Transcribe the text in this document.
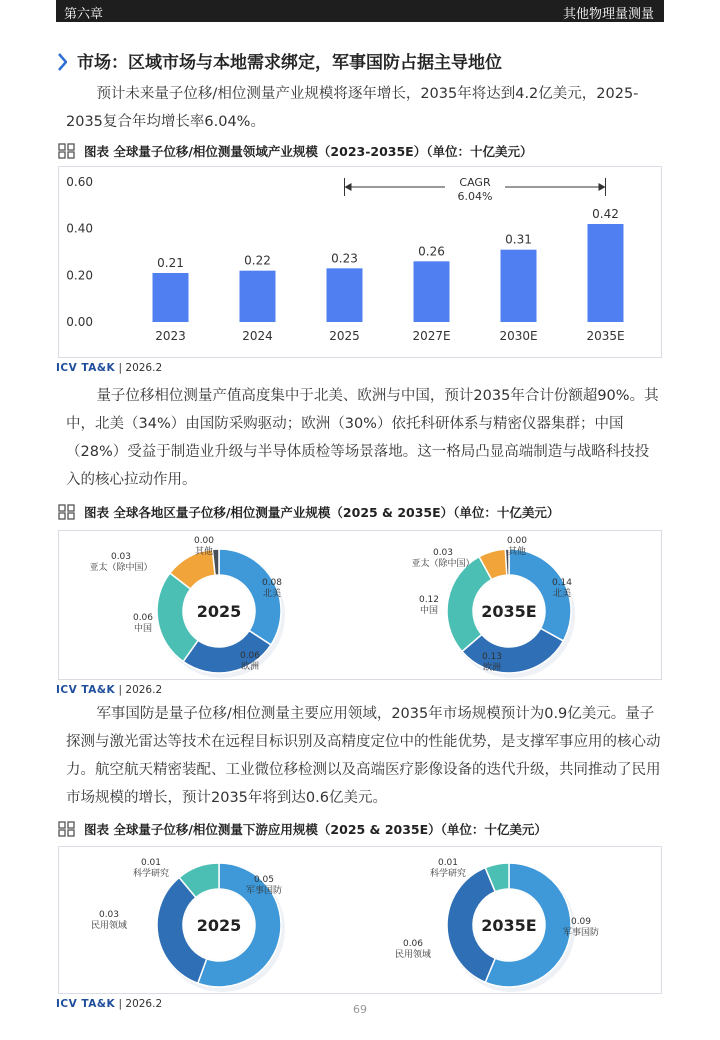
第六章	其他物理量测量
市场：区域市场与本地需求绑定，军事国防占据主导地位
预计未来量子位移/相位测量产业规模将逐年增长，2035年将达到4.2亿美元，2025-2035复合年均增长率6.04%。
图表 全球量子位移/相位测量领域产业规模（2023-2035E）（单位：十亿美元）
0.00
0.20
0.40
0.60
0.21
2023
0.22
2024
0.23
2025
0.26
2027E
0.31
2030E
0.42
2035E
CAGR
6.04%
ICV TA&K | 2026.2
量子位移相位测量产值高度集中于北美、欧洲与中国，预计2035年合计份额超90%。其中，北美（34%）由国防采购驱动；欧洲（30%）依托科研体系与精密仪器集群；中国（28%）受益于制造业升级与半导体质检等场景落地。这一格局凸显高端制造与战略科技投入的核心拉动作用。
图表 全球各地区量子位移/相位测量产业规模（2025 & 2035E）（单位：十亿美元）
0.08
北美
0.06
欧洲
0.06
中国
0.03
亚太（除中国）
0.00
其他
2025
0.14
北美
0.13
欧洲
0.12
中国
0.03
亚太（除中国）
0.00
其他
2035E
ICV TA&K | 2026.2
军事国防是量子位移/相位测量主要应用领域，2035年市场规模预计为0.9亿美元。量子探测与激光雷达等技术在远程目标识别及高精度定位中的性能优势，是支撑军事应用的核心动力。航空航天精密装配、工业微位移检测以及高端医疗影像设备的迭代升级，共同推动了民用市场规模的增长，预计2035年将到达0.6亿美元。
图表 全球量子位移/相位测量下游应用规模（2025 & 2035E）（单位：十亿美元）
0.05
军事国防
0.03
民用领域
0.01
科学研究
2025	0.09
军事国防
0.06
民用领域
0.01
科学研究
2035E
ICV TA&K | 2026.2	69
